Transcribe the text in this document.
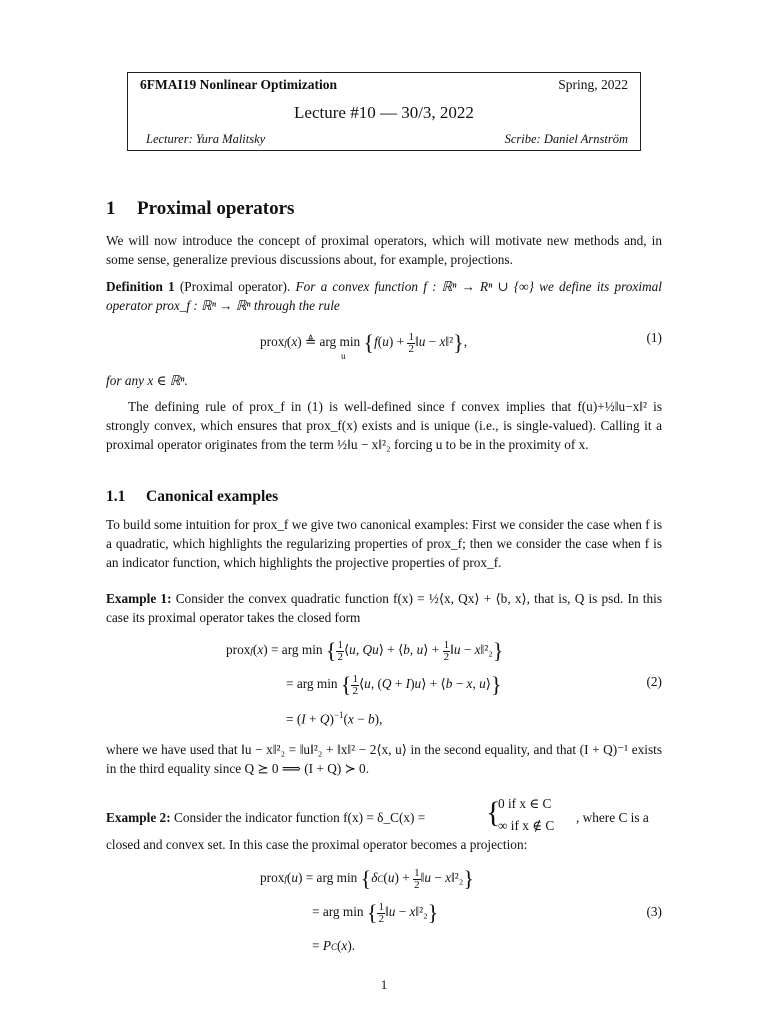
6FMAI19 Nonlinear Optimization	Spring, 2022
Lecture #10 — 30/3, 2022
Lecturer: Yura Malitsky	Scribe: Daniel Arnström
1 Proximal operators
We will now introduce the concept of proximal operators, which will motivate new methods and, in some sense, generalize previous discussions about, for example, projections.
Definition 1 (Proximal operator). For a convex function f : ℝⁿ → Rⁿ ∪ {∞} we define its proximal operator prox_f : ℝⁿ → ℝⁿ through the rule
proxf(x) ≜ arg $\min \{f(u) + \frac{1}{2}$ ‖u − x‖²},
u
(1)
for any x ∈ ℝⁿ.
The defining rule of prox_f in (1) is well-defined since f convex implies that f(u)+½‖u−x‖² is strongly convex, which ensures that prox_f(x) exists and is unique (i.e., is single-valued). Calling it a proximal operator originates from the term ½‖u − x‖²₂ forcing u to be in the proximity of x.
1.1 Canonical examples
To build some intuition for prox_f we give two canonical examples: First we consider the case when f is a quadratic, which highlights the regularizing properties of prox_f; then we consider the case when f is an indicator function, which highlights the projective properties of prox_f.
Example 1: Consider the convex quadratic function f(x) = ½⟨x, Qx⟩ + ⟨b, x⟩, that is, Q is psd. In this case its proximal operator takes the closed form
proxf(x) = arg min { $\frac{1}{2}$ ⟨u, Qu⟩ + ⟨b, u⟩ + $\frac{1}{2}$ ‖u − x‖²₂}
= arg min { $\frac{1}{2}$ ⟨u, (Q + I)u⟩ + ⟨b − x, u⟩}
= $(I + Q)^{-1}(x - b)$,
(2)
where we have used that ‖u − x‖²₂ = ‖u‖²₂ + ‖x‖² − 2⟨x, u⟩ in the second equality, and that (I + Q)⁻¹ exists in the third equality since Q ⪰ 0 ⟹ (I + Q) ≻ 0.
Example 2: Consider the indicator function f(x) = δ_C(x) = {
0 if x ∈ C
∞ if x ∉ C
, where C is a
closed and convex set. In this case the proximal operator becomes a projection:
proxf(u) = arg $\min \{\delta C(u) + \frac{1}{2}$ ‖u − x‖²₂}
= arg min { $\frac{1}{2}$ ‖u − x‖²₂}
= PC(x).
(3)
1
